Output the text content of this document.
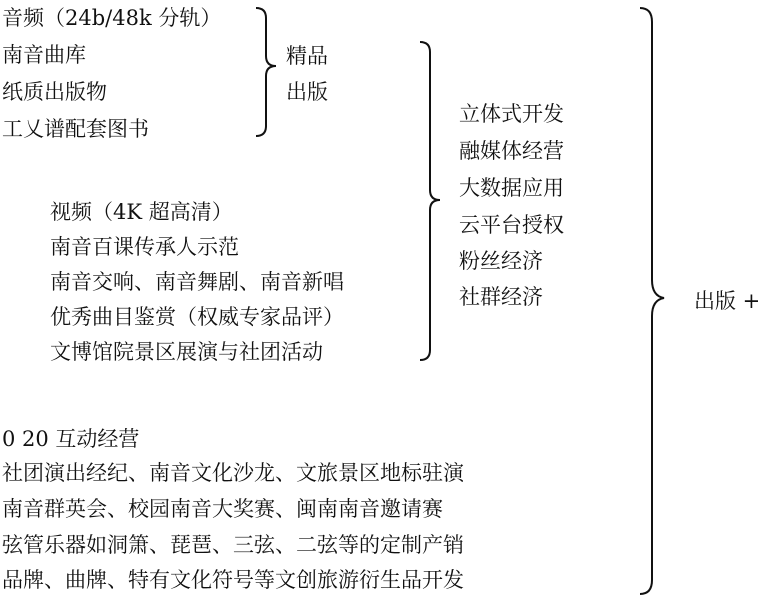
音频（24b/48k 分轨）
南音曲库
纸质出版物
工乂谱配套图书
精品
出版
视频（4K 超高清）
南音百课传承人示范
南音交响、南音舞剧、南音新唱
优秀曲目鉴赏（权威专家品评）
文博馆院景区展演与社团活动
立体式开发
融媒体经营
大数据应用
云平台授权
粉丝经济
社群经济
0 20 互动经营
社团演出经纪、南音文化沙龙、文旅景区地标驻演
南音群英会、校园南音大奖赛、闽南南音邀请赛
弦管乐器如洞箫、琵琶、三弦、二弦等的定制产销
品牌、曲牌、特有文化符号等文创旅游衍生品开发
出版 +
